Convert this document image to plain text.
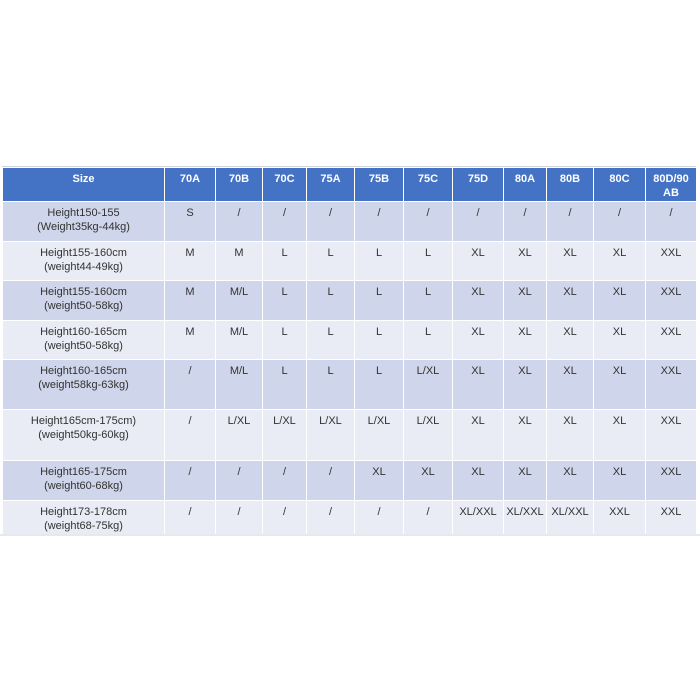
Size	70A	70B	70C	75A	75B	75C	75D	80A	80B	80C	80D/90 AB

Height150-155
(Weight35kg-44kg)	S	/	/	/	/	/	/	/	/	/	/

Height155-160cm
(weight44-49kg)	M	M	L	L	L	L	XL	XL	XL	XL	XXL

Height155-160cm
(weight50-58kg)	M	M/L	L	L	L	L	XL	XL	XL	XL	XXL

Height160-165cm
(weight50-58kg)	M	M/L	L	L	L	L	XL	XL	XL	XL	XXL

Height160-165cm
(weight58kg-63kg)	/	M/L	L	L	L	L/XL	XL	XL	XL	XL	XXL

Height165cm-175cm)
(weight50kg-60kg)	/	L/XL	L/XL	L/XL	L/XL	L/XL	XL	XL	XL	XL	XXL

Height165-175cm
(weight60-68kg)	/	/	/	/	XL	XL	XL	XL	XL	XL	XXL

Height173-178cm
(weight68-75kg)	/	/	/	/	/	/	XL/XXL	XL/XXL	XL/XXL	XXL	XXL
